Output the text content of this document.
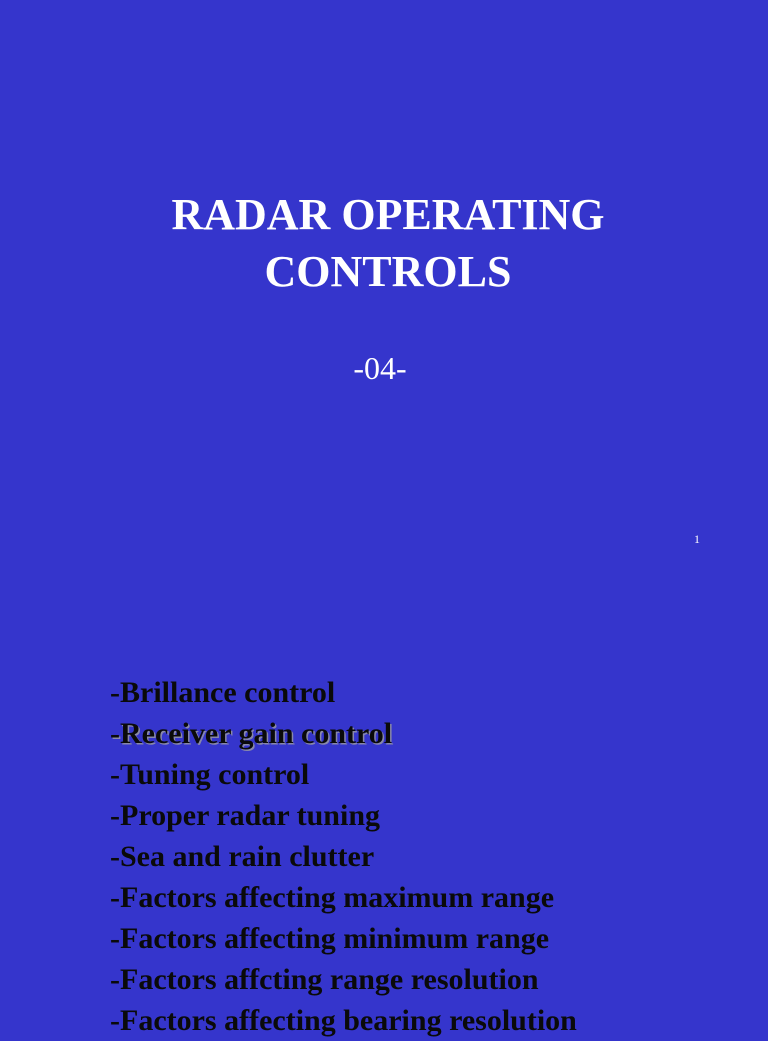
RADAR OPERATING
CONTROLS
-04-
1
-Brillance control
-Receiver gain control
-Tuning control
-Proper radar tuning
-Sea and rain clutter
-Factors affecting maximum range
-Factors affecting minimum range
-Factors affcting range resolution
-Factors affecting bearing resolution
